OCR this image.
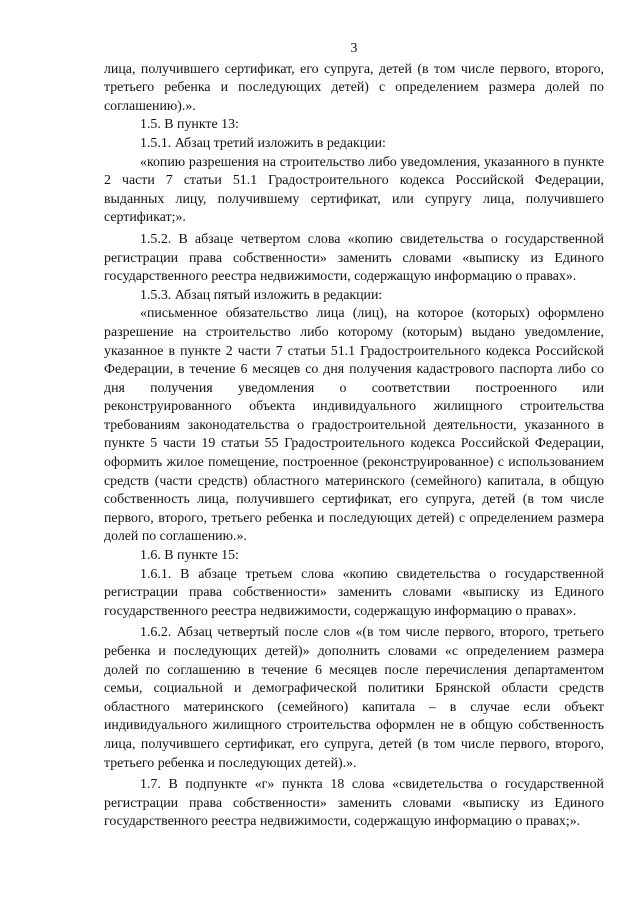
3

лица, получившего сертификат, его супруга, детей (в том числе первого, второго, третьего ребенка и последующих детей) с определением размера долей по соглашению).».

1.5. В пункте 13:

1.5.1. Абзац третий изложить в редакции:

«копию разрешения на строительство либо уведомления, указанного в пункте 2 части 7 статьи 51.1 Градостроительного кодекса Российской Федерации, выданных лицу, получившему сертификат, или супругу лица, получившего сертификат;».

1.5.2. В абзаце четвертом слова «копию свидетельства о государственной регистрации права собственности» заменить словами «выписку из Единого государственного реестра недвижимости, содержащую информацию о правах».

1.5.3. Абзац пятый изложить в редакции:

«письменное обязательство лица (лиц), на которое (которых) оформлено разрешение на строительство либо которому (которым) выдано уведомление, указанное в пункте 2 части 7 статьи 51.1 Градостроительного кодекса Российской Федерации, в течение 6 месяцев со дня получения кадастрового паспорта либо со дня получения уведомления о соответствии построенного или реконструированного объекта индивидуального жилищного строительства требованиям законодательства о градостроительной деятельности, указанного в пункте 5 части 19 статьи 55 Градостроительного кодекса Российской Федерации, оформить жилое помещение, построенное (реконструированное) с использованием средств (части средств) областного материнского (семейного) капитала, в общую собственность лица, получившего сертификат, его супруга, детей (в том числе первого, второго, третьего ребенка и последующих детей) с определением размера долей по соглашению.».

1.6. В пункте 15:

1.6.1. В абзаце третьем слова «копию свидетельства о государственной регистрации права собственности» заменить словами «выписку из Единого государственного реестра недвижимости, содержащую информацию о правах».

1.6.2. Абзац четвертый после слов «(в том числе первого, второго, третьего ребенка и последующих детей)» дополнить словами «с определением размера долей по соглашению в течение 6 месяцев после перечисления департаментом семьи, социальной и демографической политики Брянской области средств областного материнского (семейного) капитала – в случае если объект индивидуального жилищного строительства оформлен не в общую собственность лица, получившего сертификат, его супруга, детей (в том числе первого, второго, третьего ребенка и последующих детей).».

1.7. В подпункте «г» пункта 18 слова «свидетельства о государственной регистрации права собственности» заменить словами «выписку из Единого государственного реестра недвижимости, содержащую информацию о правах;».
